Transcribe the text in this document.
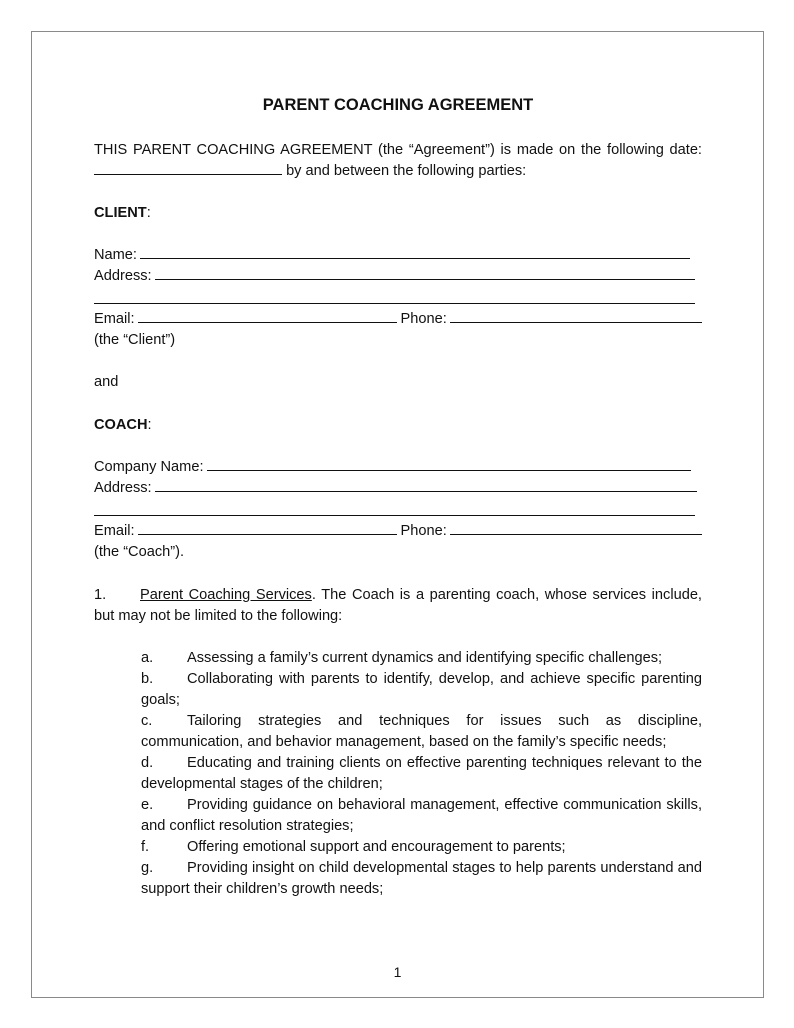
PARENT COACHING AGREEMENT
THIS PARENT COACHING AGREEMENT (the “Agreement”) is made on the following date:  by and between the following parties:
CLIENT:
Name:
Address:
Email:	Phone:
(the “Client”)
and
COACH:
Company Name:
Address:
Email:	Phone:
(the “Coach”).
1. Parent Coaching Services. The Coach is a parenting coach, whose services include, but may not be limited to the following:
a. Assessing a family’s current dynamics and identifying specific challenges;
b. Collaborating with parents to identify, develop, and achieve specific parenting goals;
c. Tailoring strategies and techniques for issues such as discipline, communication, and behavior management, based on the family’s specific needs;
d. Educating and training clients on effective parenting techniques relevant to the developmental stages of the children;
e. Providing guidance on behavioral management, effective communication skills, and conflict resolution strategies;
f.	Offering emotional support and encouragement to parents;
g. Providing insight on child developmental stages to help parents understand and support their children’s growth needs;
1
